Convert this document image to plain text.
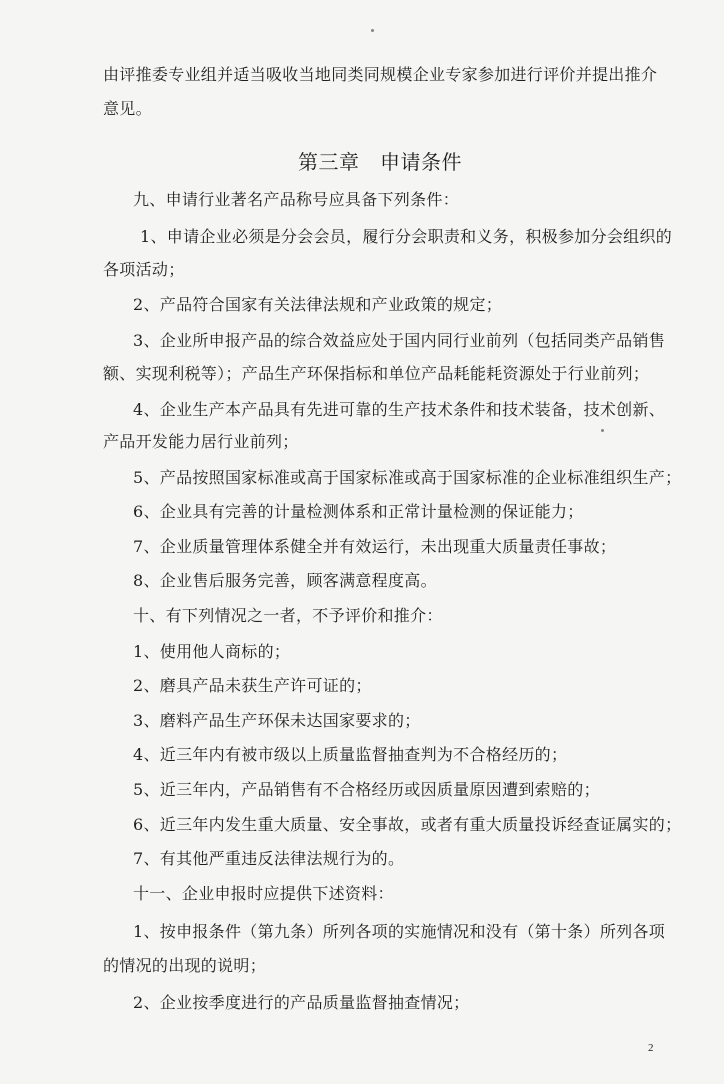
由评推委专业组并适当吸收当地同类同规模企业专家参加进行评价并提出推介
意见。
第三章　申请条件
九、申请行业著名产品称号应具备下列条件：
1、申请企业必须是分会会员，履行分会职责和义务，积极参加分会组织的
各项活动；
2、产品符合国家有关法律法规和产业政策的规定；
3、企业所申报产品的综合效益应处于国内同行业前列（包括同类产品销售
额、实现利税等）；产品生产环保指标和单位产品耗能耗资源处于行业前列；
4、企业生产本产品具有先进可靠的生产技术条件和技术装备，技术创新、
产品开发能力居行业前列；
5、产品按照国家标准或高于国家标准或高于国家标准的企业标准组织生产；
6、企业具有完善的计量检测体系和正常计量检测的保证能力；
7、企业质量管理体系健全并有效运行，未出现重大质量责任事故；
8、企业售后服务完善，顾客满意程度高。
十、有下列情况之一者，不予评价和推介：
1、使用他人商标的；
2、磨具产品未获生产许可证的；
3、磨料产品生产环保未达国家要求的；
4、近三年内有被市级以上质量监督抽查判为不合格经历的；
5、近三年内，产品销售有不合格经历或因质量原因遭到索赔的；
6、近三年内发生重大质量、安全事故，或者有重大质量投诉经查证属实的；
7、有其他严重违反法律法规行为的。
十一、企业申报时应提供下述资料：
1、按申报条件（第九条）所列各项的实施情况和没有（第十条）所列各项
的情况的出现的说明；
2、企业按季度进行的产品质量监督抽查情况；
2
